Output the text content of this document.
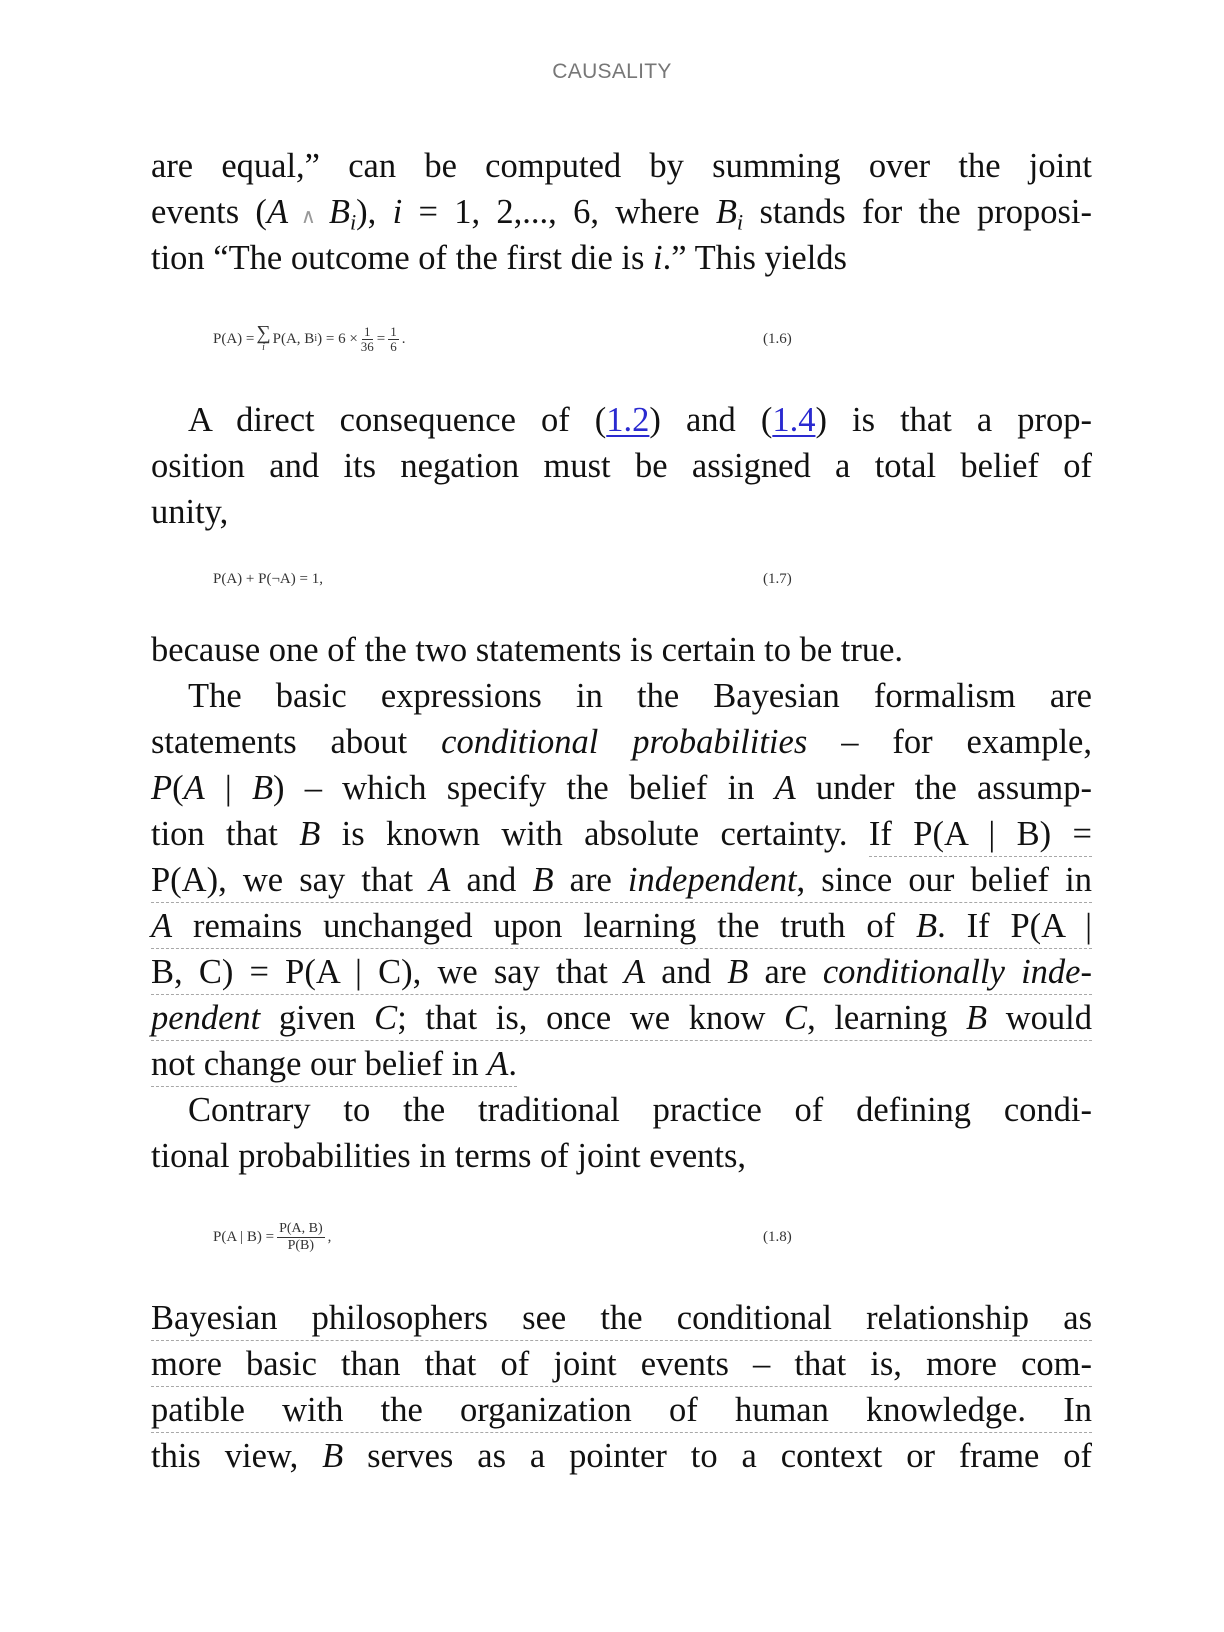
CAUSALITY
are equal,” can be computed by summing over the joint
events (A ∧ $B_i$), i = 1, 2,..., 6, where $B_i$ stands for the proposi-
tion “The outcome of the first die is i.” This yields
P(A) = ∑
i
P(A, B i ) = $6 \times \frac{1}{36} = \frac{1}{6}$ .	(1.6)
A direct consequence of (1.2) and (1.4) is that a prop-
osition and its negation must be assigned a total belief of
unity,
P(A) + P(¬A) = 1,	(1.7)
because one of the two statements is certain to be true.
The basic expressions in the Bayesian formalism are
statements about conditional probabilities – for example,
P(A | B) – which specify the belief in A under the assump-
tion that B is known with absolute certainty. If P(A | B) =
P(A), we say that A and B are independent, since our belief in
A remains unchanged upon learning the truth of B. If P(A |
B, C) = P(A | C), we say that A and B are conditionally inde-
pendent given C; that is, once we know C, learning B would
not change our belief in A.
Contrary to the traditional practice of defining condi-
tional probabilities in terms of joint events,
P(A | $B) = \frac{P(A, B)}{P(B)}$ ,	(1.8)
Bayesian philosophers see the conditional relationship as
more basic than that of joint events – that is, more com-
patible with the organization of human knowledge. In
this view, B serves as a pointer to a context or frame of
